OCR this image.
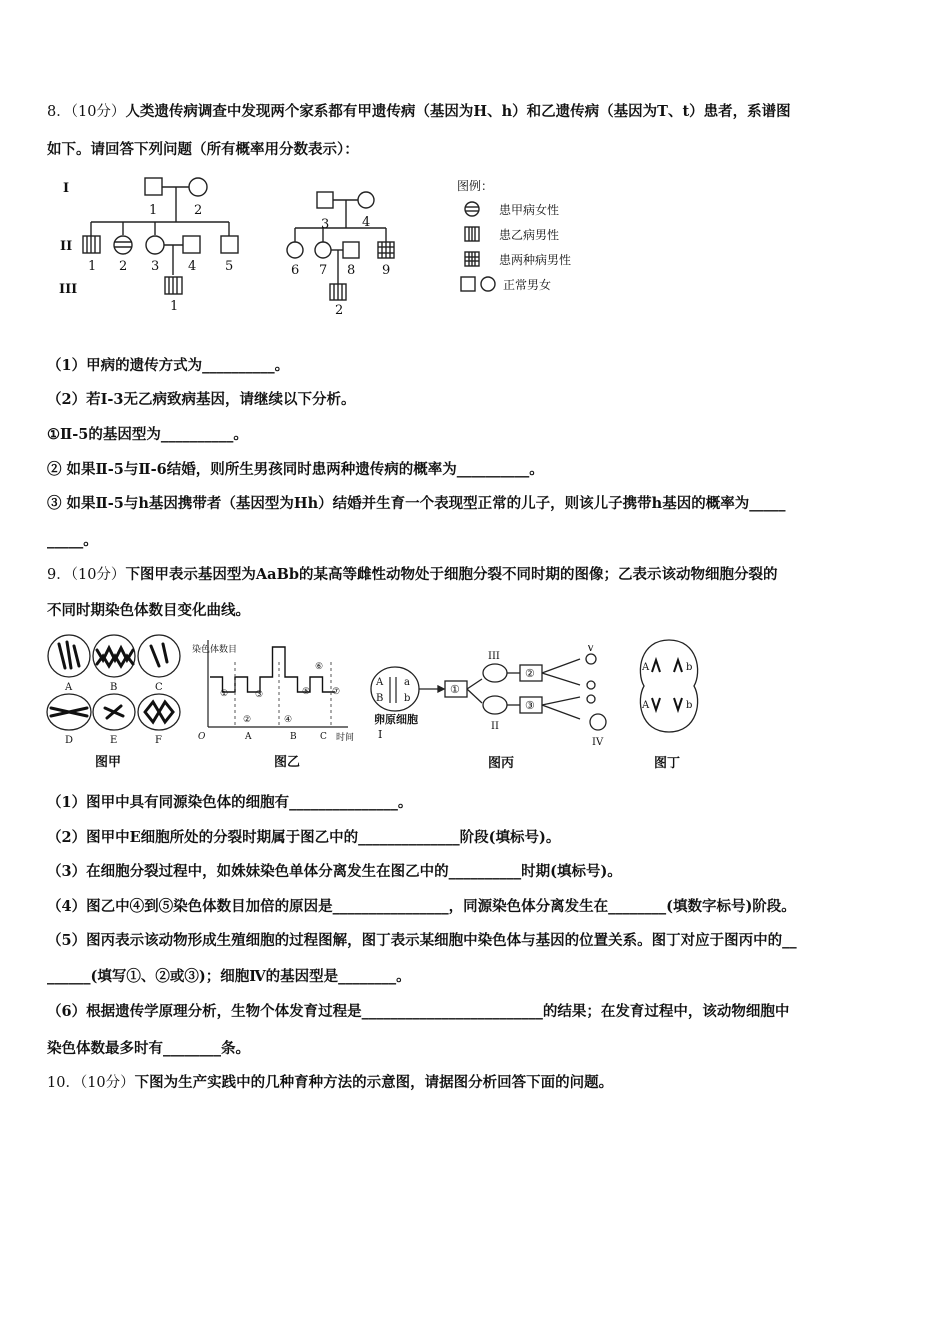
8．（10分）人类遗传病调查中发现两个家系都有甲遗传病（基因为H、h）和乙遗传病（基因为T、t）患者，系谱图
如下。请回答下列问题（所有概率用分数表示）：
I
II
III
1	2
1 2 3 4 5
1
3	4
6 7 8 9
2
图例：
患甲病女性
患乙病男性
患两种病男性
正常男女
（1）甲病的遗传方式为__________。
（2）若I-3无乙病致病基因，请继续以下分析。
①Ⅱ-5的基因型为__________。
② 如果Ⅱ-5与Ⅱ-6结婚，则所生男孩同时患两种遗传病的概率为__________。
③ 如果Ⅱ-5与h基因携带者（基因型为Hh）结婚并生育一个表现型正常的儿子，则该儿子携带h基因的概率为_____
_____。
9．（10分）下图甲表示基因型为AaBb的某高等雌性动物处于细胞分裂不同时期的图像；乙表示该动物细胞分裂的
不同时期染色体数目变化曲线。
A	B	C
D	E	F
图甲
染色体数目
O	时间
①
②
③
④
⑤
⑥
⑦
A	B	C
图乙
A a
B b
卵原细胞
I
①
②
③
III
II
V
IV
图丙
A	b
A	b
图丁
（1）图甲中具有同源染色体的细胞有_______________。
（2）图甲中E细胞所处的分裂时期属于图乙中的______________阶段(填标号)。
（3）在细胞分裂过程中，如姝妹染色单体分离发生在图乙中的__________时期(填标号)。
（4）图乙中④到⑤染色体数目加倍的原因是________________，同源染色体分离发生在________(填数字标号)阶段。
（5）图丙表示该动物形成生殖细胞的过程图解，图丁表示某细胞中染色体与基因的位置关系。图丁对应于图丙中的__
______(填写①、②或③)；细胞Ⅳ的基因型是________。
（6）根据遗传学原理分析，生物个体发育过程是_________________________的结果；在发育过程中，该动物细胞中
染色体数最多时有________条。
10．（10分）下图为生产实践中的几种育种方法的示意图，请据图分析回答下面的问题。
